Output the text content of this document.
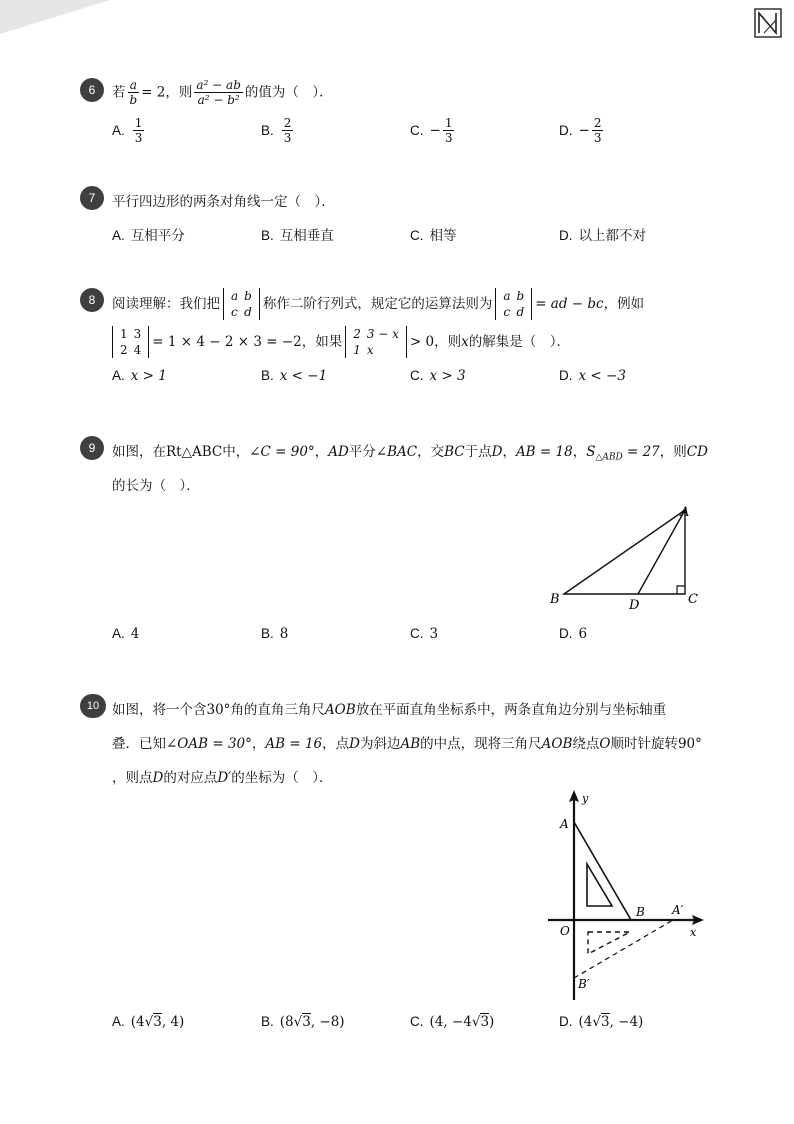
6	若 $\frac{a}{b} = 2$，则 $\frac{\text{a² − ab}}{\text{a² − b²}}$ 的值为（　）．
A. $\frac{1}{3}$	B. $\frac{2}{3}$	C. − $\frac{1}{3}$	D. − $\frac{2}{3}$
7	平行四边形的两条对角线一定（　）．
A. 互相平分	B. 互相垂直	C. 相等	D. 以上都不对
8	阅读理解：我们把 a	b
c	d 称作二阶行列式，规定它的运算法则为 a	b
c	d = ad − bc，例如
1	3
2	4 = 1 × 4 − 2 × 3 = −2，如果 2	3 − x
1	x	> 0，则x的解集是（　）．
A. x > 1	B. x < −1	C. x > 3	D. x < −3
9	如图，在Rt△ABC中，∠C = 90°，AD平分∠BAC，交BC于点D，AB = 18，$S_{\triangle ABD} = 27$，则CD
的长为（　）．
A
B	D	C
A. 4	B. 8	C. 3	D. 6
10 如图，将一个含30°角的直角三角尺AOB放在平面直角坐标系中，两条直角边分别与坐标轴重
叠．已知∠OAB = 30°，AB = 16，点D为斜边AB的中点，现将三角尺AOB绕点O顺时针旋转90°
，则点D的对应点D′的坐标为（　）．
y
A
O
B A′
x
B′
A. (4√3, 4)	B. (8√3, −8)	C. (4, −4√3)	D. (4√3, −4)
